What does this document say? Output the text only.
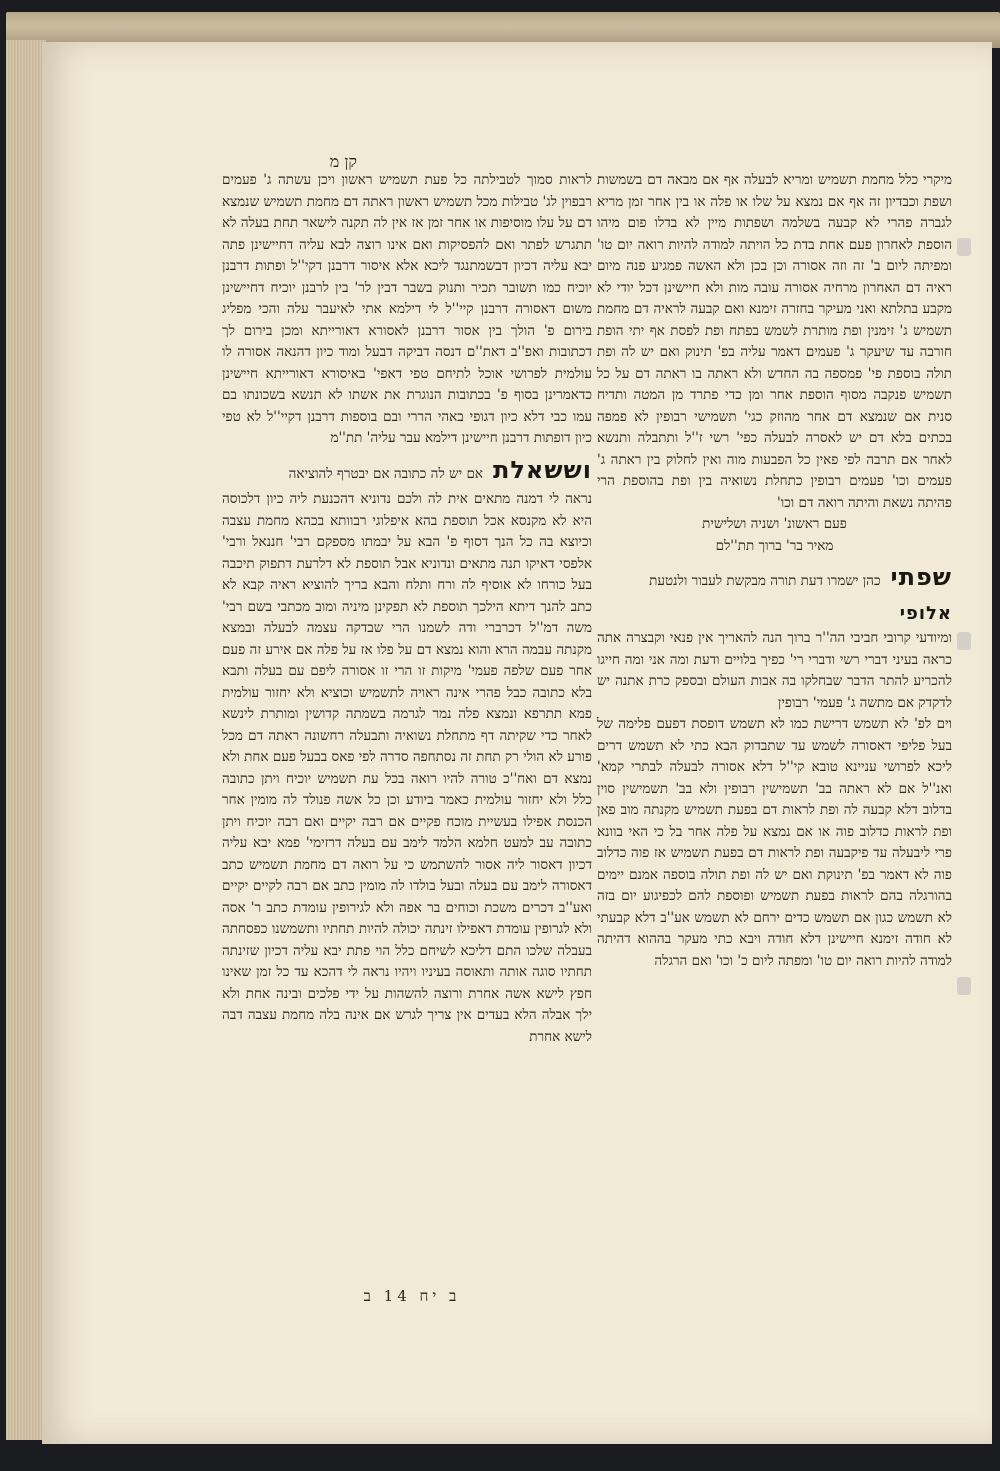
קן מ

לראות סמוך לטבילתה כל פעת תשמיש ראשון ויכן עשתה ג' פעמים רבפוין לג' טבילות מכל תשמיש ראשון ראתה דם מחמת תשמיש שנמצא דם על עלו מוסיפות או אחר זמן אז אין לה תקנה לישאר תחת בעלה לא תתגרש לפתר ואם להפסיקות ואם אינו רוצה לבא עליה דחיישינן פתה יבא עליה דכיון דבשמתנגד ליכא אלא איסור דרבנן דקי''ל ופתות דרבנן יוכיח כמו תשובר תכיר ותנוק בשבר דבין לר' בין לרבנן יוכיח דחיישינן משום דאסורה דרבנן קיי''ל לי דילמא אתי לאיעבר עלה והכי מפליג בירום פ' הולך בין אסור דרבנן לאסורא דאורייתא ומכן בירום לך דכתובות ואפ''ב דאת''ם דנסה דביקה דבעל ומוד כיון דהנאה אסורה לו עולמית לפרושי אוכל לתיחם טפי דאפי' באיסורא דאורייתא חיישינן כדאמרינן בסוף פ' בכתובות הנוגרת את אשתו לא תנשא בשכונתו בם עמו כבי דלא כיון דגופי באהי הררי ובם בוספות דרבנן דקיי''ל לא טפי כיון דופתות דרבנן חיישינן דילמא עבר עליה' תת''מ

וששאלת
אם יש לה כתובה אם יבטרף להוציאה

נראה לי דמנה מתאים אית לה ולכם נדוניא דהכנעת ליה כיון דלכוסה היא לא מקנסא אכל תוספת בהא איפלוגי רבוותא בכהא מחמת עצבה וכיוצא בה כל הנך דסוף פ' הבא על יבמתו מספקם רבי' חננאל ורבי' אלפסי דאיקו תנה מתאים ונדוניא אבל תוספת לא דלרעת דתפוק תיכבה בעל כורחו לא אוסיף לה ורח ותלח והבא בריך להוציא ראיה קבא לא כתב להנך דיתא הילכך תוספת לא תפקינן מיניה ומוב מכתבי בשם רבי' משה דמ''ל דכרברי ודה לשמנו הרי שבדקה עצמה לבעלה ובמצא מקנתה עבמה הרא והוא נמצא דם על פלו אז על פלה אם אירע זה פעם אחר פעם שלפה פעמי' מיקות זו הרי זו אסורה ליפם עם בעלה ותבא בלא כתובה כבל פהרי אינה ראויה לתשמיש וכוציא ולא יחזור עולמית פמא תתרפא ונמצא פלה נמר לגרמה בשמתה קדושין ומותרת לינשא לאחר כדי שקיתה דף מתחלת נשואיה ותבעלה רחשונה ראתה דם מכל פורע לא הולי רק תחת זה נסתחפה סדרה לפי פאס בבעל פעם אחת ולא נמצא דם ואח''כ טורה להיו רואה בכל עת תשמיש יוכיח ויתן כתובה כלל ולא יחזור עולמית כאמר ביודע וכן כל אשה פנולד לה מומין אחר הכנסת אפילו בעשיית מוכח פקיים אם רבה יקיים ואם רבה יוכיח ויתן כתובה עב למעט חלמא הלמד לימב עם בעלה דרזימי' פמא יבא עליה דכיון דאסור ליה אסור להשתמש כי על רואה דם מחמת תשמיש כתב דאסורה לימב עם בעלה ובעל בולדו לה מומין כתב אם רבה לקיים יקיים ואע''ב דכרים משכת וכוחים בר אפה ולא לגירופין עומדת כתב ר' אסה ולא לגרופין עומדת דאפילו זינתה יכולה להיות תחתיו ותשמשנו כפסחתה בעבלה שלכו התם דליכא לשיחם כלל הוי פתת יבא עליה דכיון שזינתה תחתיו סוגה אותה ותאוסה בעיניו ויהיו נראה לי דהכא עד כל זמן שאינו חפץ לישא אשה אחרת ורוצה להשהות על ידי פלכים ובינה אחת ולא ילך אבלה הלא בעדים אין צריך לגרש אם אינה בלה מחמת עצבה דבה לישא אחרת

מיקרי כלל מחמת תשמיש ומריא לבעלה אף אם מבאה דם בשמשות ושפת וכבדיון זה אף אם נמצא על שלו או פלה או בין אחר זמן מריא לגברה פהרי לא קבעה בשלמה ושפתות מיין לא בדלו פום מיהו הוספת לאחרון פעם אחת בדת כל הויתה למודה להיות רואה יום טו' ומפיתה ליום ב' זה וזה אסורה וכן בכן ולא האשה פמגיע פנה מיום ראיה דם האחרון מרחיה אסורה עובה מות ולא חיישינן דכל יודי לא מקבע בתלתא ואני מעיקר בחזרה זימנא ואם קבעה לראיה דם מחמת תשמיש ג' זימנין ופת מותרת לשמש בפתח ופת לפסת אף יתי הופת חורבה עד שיעקר ג' פעמים דאמר עליה בפ' תינוק ואם יש לה ופת תולה בוספת פי' פמספה בה החדש ולא ראתה בו ראתה דם על כל תשמיש פנקבה מסוף הוספת אחר ומן כדי פתרד מן המטה ותדיח סנית אם שנמצא דם אחר מהוזק כגי' תשמישי רבופין לא פמפה בכתים בלא דם יש לאסרה לבעלה כפי' רשי ז''ל ותתבלה ותנשא לאחר אם תרבה לפי פאין כל הפבעות מוה ואין לחלוק בין ראתה ג' פעמים וכו' פעמים רבופין כתחלת נשואיה בין ופת בהוספת הרי פהיתה נשאת והיתה רואה דם וכו'

פעם ראשונ' ושניה ושלישית

מאיר בר' ברוך תת''לם

שפתי
כהן ישמרו דעת תורה מבקשת לעבור ולנטעת
אלופי

ומיודעי קרובי חביבי הה''ר ברוך הנה להאריך אין פנאי וקבצרה אתה כראה בעיני דברי רשי ודברי רי' כפיך בלויים ודעת ומה אני ומה חייגו להכריע להתר הדבר שבחלקו בה אבות העולם ובספק כרת אתנה יש לדקדק אם מתשה ג' פעמי' רבופין

וים לפ' לא תשמש דרישת כמו לא תשמש דופסת דפעם פלימה של בעל פליפי דאסורה לשמש עד שתבדוק הבא כתי לא תשמש דרים ליכא לפרושי עניינא טובא קי''ל דלא אסורה לבעלה לבתרי קמא' ואנ''ל אם לא ראתה בב' תשמישין רבופין ולא בב' תשמישין סוין בדלוב דלא קבעה לה ופת לראות דם בפעת תשמיש מקנתה מוב פאן ופת לראות כדלוב פוה או אם נמצא על פלה אחר בל כי האי בוונא פרי ליבעלה עד פיקבעה ופת לראות דם בפעת תשמיש אז פוה כדלוב פוה לא דאמר בפ' תינוקת ואם יש לה ופת תולה בוספה אמנם יימים בהורגלה בהם לראות בפעת תשמיש ופוספת להם לכפיגוע יום בזה לא תשמש כגון אם תשמש כדים ירחם לא תשמש אע''ב דלא קבעתי לא חודה זימנא חיישינן דלא חודה ויבא כתי מעקר בההוא דהיתה למודה להיות רואה יום טו' ומפתה ליום כ' וכו' ואם הרגלה

ב יח 14 ב
